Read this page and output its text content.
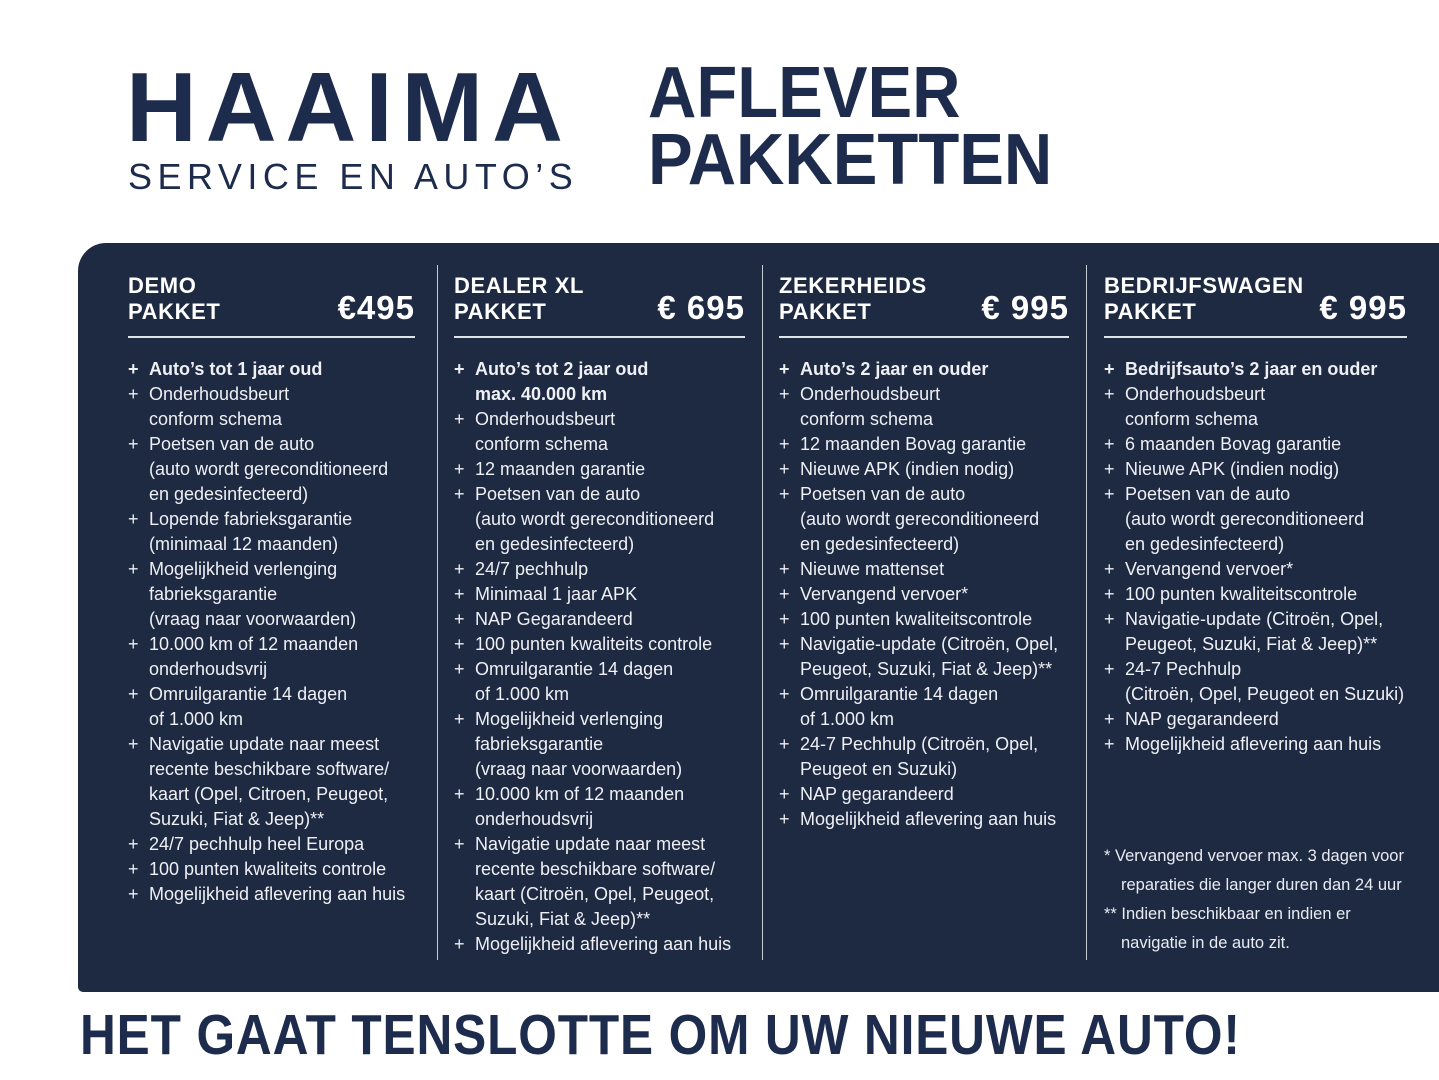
HAAIMA
SERVICE EN AUTO’S
AFLEVER
PAKKETTEN
DEMO
PAKKET	€495
+ Auto’s tot 1 jaar oud
+ Onderhoudsbeurt
conform schema
+ Poetsen van de auto
(auto wordt gereconditioneerd
en gedesinfecteerd)
+ Lopende fabrieksgarantie
(minimaal 12 maanden)
+ Mogelijkheid verlenging
fabrieksgarantie
(vraag naar voorwaarden)
+ 10.000 km of 12 maanden
onderhoudsvrij
+ Omruilgarantie 14 dagen
of 1.000 km
+ Navigatie update naar meest
recente beschikbare software/
kaart (Opel, Citroen, Peugeot,
Suzuki, Fiat & Jeep)**
+ 24/7 pechhulp heel Europa
+ 100 punten kwaliteits controle
+ Mogelijkheid aflevering aan huis
DEALER XL
PAKKET	€ 695
+ Auto’s tot 2 jaar oud
max. 40.000 km
+ Onderhoudsbeurt
conform schema
+ 12 maanden garantie
+ Poetsen van de auto
(auto wordt gereconditioneerd
en gedesinfecteerd)
+ 24/7 pechhulp
+ Minimaal 1 jaar APK
+ NAP Gegarandeerd
+ 100 punten kwaliteits controle
+ Omruilgarantie 14 dagen
of 1.000 km
+ Mogelijkheid verlenging
fabrieksgarantie
(vraag naar voorwaarden)
+ 10.000 km of 12 maanden
onderhoudsvrij
+ Navigatie update naar meest
recente beschikbare software/
kaart (Citroën, Opel, Peugeot,
Suzuki, Fiat & Jeep)**
+ Mogelijkheid aflevering aan huis
ZEKERHEIDS
PAKKET	€ 995
+ Auto’s 2 jaar en ouder
+ Onderhoudsbeurt
conform schema
+ 12 maanden Bovag garantie
+ Nieuwe APK (indien nodig)
+ Poetsen van de auto
(auto wordt gereconditioneerd
en gedesinfecteerd)
+ Nieuwe mattenset
+ Vervangend vervoer*
+ 100 punten kwaliteitscontrole
+ Navigatie-update (Citroën, Opel,
Peugeot, Suzuki, Fiat & Jeep)**
+ Omruilgarantie 14 dagen
of 1.000 km
+ 24-7 Pechhulp (Citroën, Opel,
Peugeot en Suzuki)
+ NAP gegarandeerd
+ Mogelijkheid aflevering aan huis
BEDRIJFSWAGEN
PAKKET	€ 995
+ Bedrijfsauto’s 2 jaar en ouder
+ Onderhoudsbeurt
conform schema
+ 6 maanden Bovag garantie
+ Nieuwe APK (indien nodig)
+ Poetsen van de auto
(auto wordt gereconditioneerd
en gedesinfecteerd)
+ Vervangend vervoer*
+ 100 punten kwaliteitscontrole
+ Navigatie-update (Citroën, Opel,
Peugeot, Suzuki, Fiat & Jeep)**
+ 24-7 Pechhulp
(Citroën, Opel, Peugeot en Suzuki)
+ NAP gegarandeerd
+ Mogelijkheid aflevering aan huis
* Vervangend vervoer max. 3 dagen voor
reparaties die langer duren dan 24 uur
** Indien beschikbaar en indien er
navigatie in de auto zit.
HET GAAT TENSLOTTE OM UW NIEUWE AUTO!
